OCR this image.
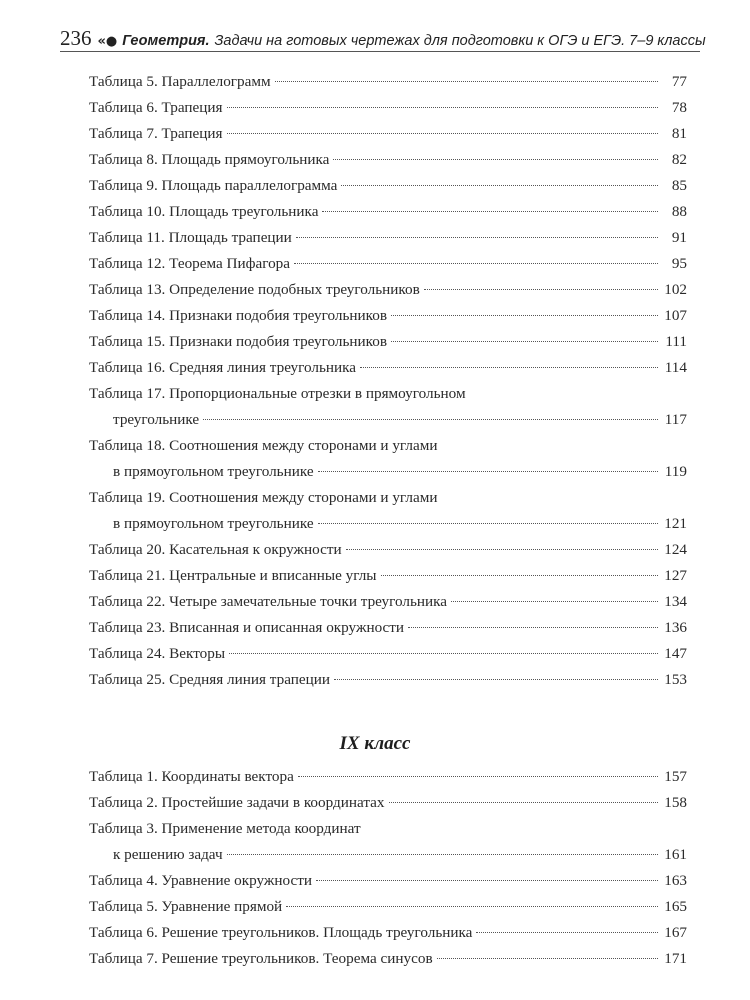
236 «● Геометрия. Задачи на готовых чертежах для подготовки к ОГЭ и ЕГЭ. 7–9 классы
Таблица 5. Параллелограмм	77
Таблица 6. Трапеция	78
Таблица 7. Трапеция	81
Таблица 8. Площадь прямоугольника	82
Таблица 9. Площадь параллелограмма	85
Таблица 10. Площадь треугольника	88
Таблица 11. Площадь трапеции	91
Таблица 12. Теорема Пифагора	95
Таблица 13. Определение подобных треугольников	102
Таблица 14. Признаки подобия треугольников	107
Таблица 15. Признаки подобия треугольников	111
Таблица 16. Средняя линия треугольника	114
Таблица 17. Пропорциональные отрезки в прямоугольном
треугольнике	117
Таблица 18. Соотношения между сторонами и углами
в прямоугольном треугольнике	119
Таблица 19. Соотношения между сторонами и углами
в прямоугольном треугольнике	121
Таблица 20. Касательная к окружности	124
Таблица 21. Центральные и вписанные углы	127
Таблица 22. Четыре замечательные точки треугольника	134
Таблица 23. Вписанная и описанная окружности	136
Таблица 24. Векторы	147
Таблица 25. Средняя линия трапеции	153
IX класс
Таблица 1. Координаты вектора	157
Таблица 2. Простейшие задачи в координатах	158
Таблица 3. Применение метода координат
к решению задач	161
Таблица 4. Уравнение окружности	163
Таблица 5. Уравнение прямой	165
Таблица 6. Решение треугольников. Площадь треугольника	167
Таблица 7. Решение треугольников. Теорема синусов	171
